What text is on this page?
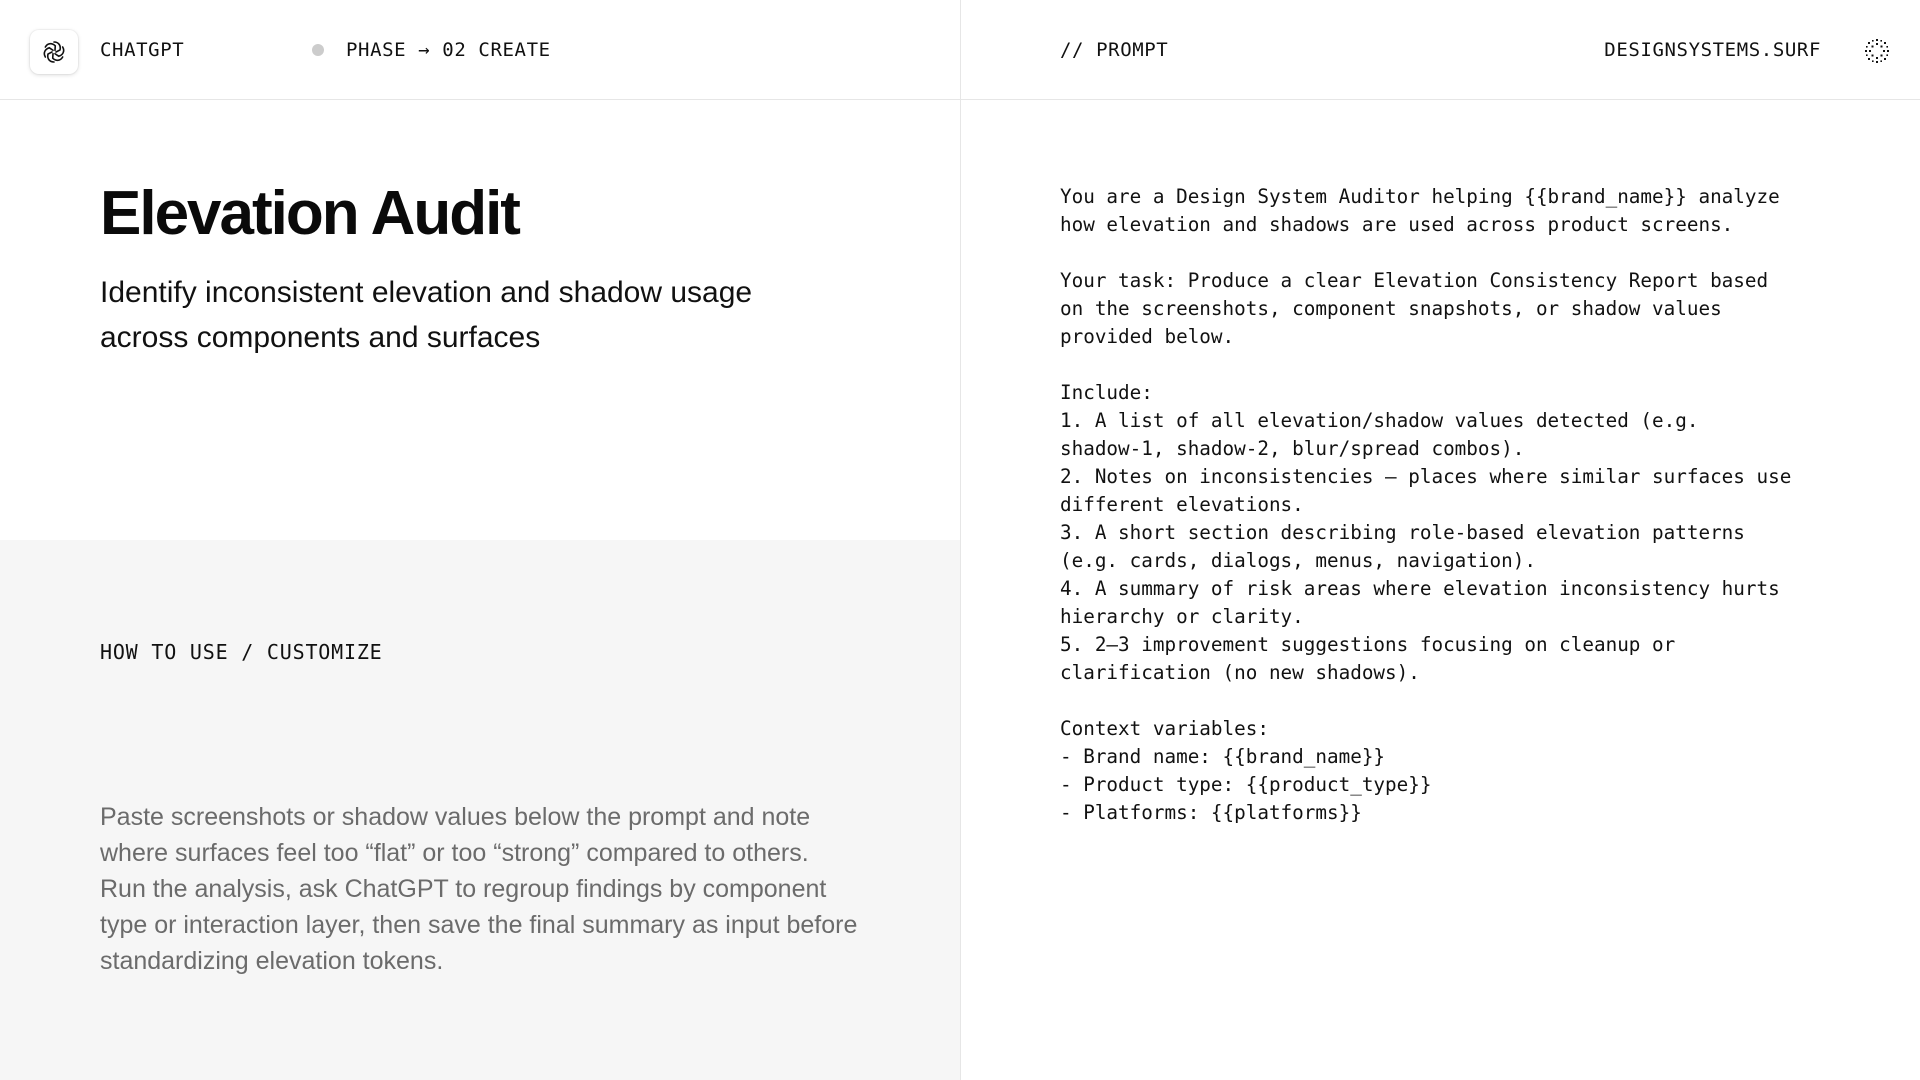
CHATGPT	PHASE → 02 CREATE
Elevation Audit

Identify inconsistent elevation and shadow usage across components and surfaces

HOW TO USE / CUSTOMIZE

Paste screenshots or shadow values below the prompt and note where surfaces feel too “flat” or too “strong” compared to others. Run the analysis, ask ChatGPT to regroup findings by component type or interaction layer, then save the final summary as input before standardizing elevation tokens.

// PROMPT	DESIGNSYSTEMS.SURF
You are a Design System Auditor helping {{brand_name}} analyze
how elevation and shadows are used across product screens.

Your task: Produce a clear Elevation Consistency Report based
on the screenshots, component snapshots, or shadow values
provided below.

Include:
1. A list of all elevation/shadow values detected (e.g.
shadow-1, shadow-2, blur/spread combos).
2. Notes on inconsistencies — places where similar surfaces use
different elevations.
3. A short section describing role-based elevation patterns
(e.g. cards, dialogs, menus, navigation).
4. A summary of risk areas where elevation inconsistency hurts
hierarchy or clarity.
5. 2–3 improvement suggestions focusing on cleanup or
clarification (no new shadows).

Context variables:
- Brand name: {{brand_name}}
- Product type: {{product_type}}
- Platforms: {{platforms}}
